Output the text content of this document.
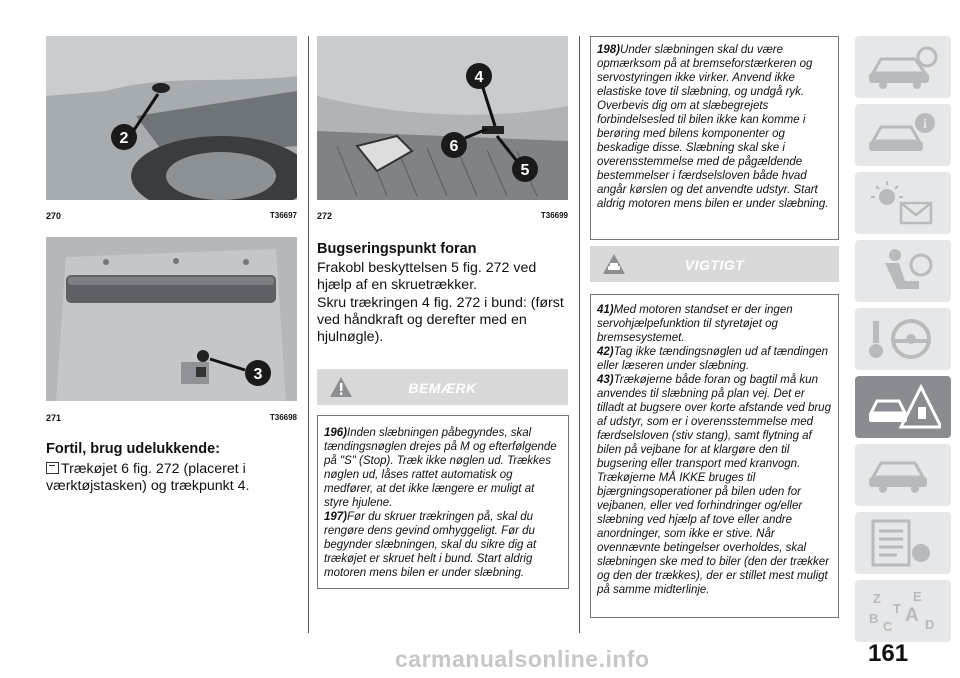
2
270	T36697
3
271	T36698
Fortil, brug udelukkende:

Trækøjet 6 fig. 272 (placeret i værktøjstasken) og trækpunkt 4.

4
6
5
272	T36699
Bugseringspunkt foran

Frakobl beskyttelsen 5 fig. 272 ved hjælp af en skruetrækker.

Skru trækringen 4 fig. 272 i bund: (først ved håndkraft og derefter med en hjulnøgle).

BEMÆRK
196)Inden slæbningen påbegyndes, skal tændingsnøglen drejes på M og efterfølgende på "S" (Stop). Træk ikke nøglen ud. Trækkes nøglen ud, låses rattet automatisk og medfører, at det ikke længere er muligt at styre hjulene.
197)Før du skruer trækringen på, skal du rengøre dens gevind omhyggeligt. Før du begynder slæbningen, skal du sikre dig at trækøjet er skruet helt i bund. Start aldrig motoren mens bilen er under slæbning.
198)Under slæbningen skal du være opmærksom på at bremseforstærkeren og servostyringen ikke virker. Anvend ikke elastiske tove til slæbning, og undgå ryk. Overbevis dig om at slæbegrejets forbindelsesled til bilen ikke kan komme i berøring med bilens komponenter og beskadige disse. Slæbning skal ske i overensstemmelse med de pågældende bestemmelser i færdselsloven både hvad angår kørslen og det anvendte udstyr. Start aldrig motoren mens bilen er under slæbning.
VIGTIGT
41)Med motoren standset er der ingen servohjælpefunktion til styretøjet og bremsesystemet.
42)Tag ikke tændingsnøglen ud af tændingen eller læseren under slæbning.
43)Trækøjerne både foran og bagtil må kun anvendes til slæbning på plan vej. Det er tilladt at bugsere over korte afstande ved brug af udstyr, som er i overensstemmelse med færdselsloven (stiv stang), samt flytning af bilen på vejbane for at klargøre den til bugsering eller transport med kranvogn. Trækøjerne MÅ IKKE bruges til bjærgningsoperationer på bilen uden for vejbanen, eller ved forhindringer og/eller slæbning ved hjælp af tove eller andre anordninger, som ikke er stive. Når ovennævnte betingelser overholdes, skal slæbningen ske med to biler (den der trækker og den der trækkes), der er stillet mest muligt på samme midterlinje.
i
Z E
A
B
C
T
D
161
carmanualsonline.info
